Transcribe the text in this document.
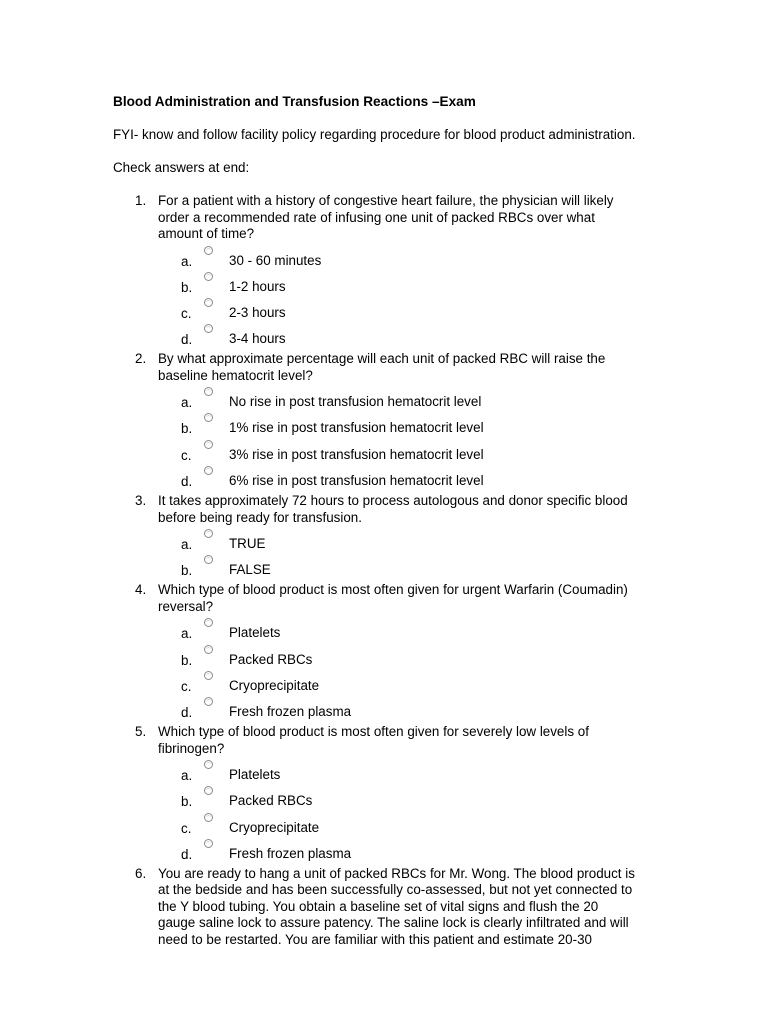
Blood Administration and Transfusion Reactions –Exam

FYI- know and follow facility policy regarding procedure for blood product administration.

Check answers at end:

1. For a patient with a history of congestive heart failure, the physician will likely order a recommended rate of infusing one unit of packed RBCs over what amount of time?
a.	30 - 60 minutes
b.	1-2 hours
c.	2-3 hours
d.	3-4 hours
2. By what approximate percentage will each unit of packed RBC will raise the baseline hematocrit level?
a.	No rise in post transfusion hematocrit level
b.	1% rise in post transfusion hematocrit level
c.	3% rise in post transfusion hematocrit level
d.	6% rise in post transfusion hematocrit level
3. It takes approximately 72 hours to process autologous and donor specific blood before being ready for transfusion.
a.	TRUE
b.	FALSE
4. Which type of blood product is most often given for urgent Warfarin (Coumadin) reversal?
a.	Platelets
b.	Packed RBCs
c.	Cryoprecipitate
d.	Fresh frozen plasma
5. Which type of blood product is most often given for severely low levels of fibrinogen?
a.	Platelets
b.	Packed RBCs
c.	Cryoprecipitate
d.	Fresh frozen plasma
6. You are ready to hang a unit of packed RBCs for Mr. Wong. The blood product is at the bedside and has been successfully co-assessed, but not yet connected to the Y blood tubing. You obtain a baseline set of vital signs and flush the 20 gauge saline lock to assure patency. The saline lock is clearly infiltrated and will need to be restarted. You are familiar with this patient and estimate 20-30
